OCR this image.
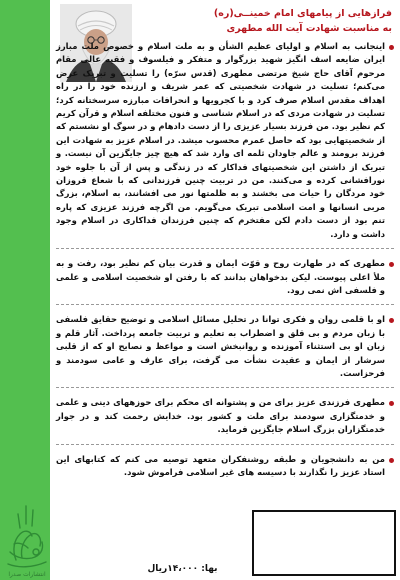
انتشارات صدرا
فرازهایی از پیامهای امام خمینــی(ره)
به مناسبت شهادت آیت الله مطهری
اینجانب به اسلام و اولیای عظیم الشأن و به ملت اسلام و خصوص ملت مبارز ایران ضایعه اسف انگیز شهید بزرگوار و متفکر و فیلسوف و فقیه عالی مقام مرحوم آقای حاج شیخ مرتضی مطهری (قدس سرّه) را تسلیت و تبریک عرض می‌کنم؛ تسلیت در شهادت شخصیتی که عمر شریف و ارزنده خود را در راه اهداف مقدس اسلام صرف کرد و با کجرویها و انحرافات مبارزه سرسختانه کرد؛ تسلیت در شهادت مردی که در اسلام شناسی و فنون مختلفه اسلام و قرآن کریم کم نظیر بود. من فرزند بسیار عزیزی را از دست دادهام و در سوگ او نشستم که از شخصیتهایی بود که حاصل عمرم محسوب میشد. در اسلام عزیز به شهادت این فرزند برومند و عالم جاودان ثلمه ای وارد شد که هیچ چیز جایگزین آن نیست. و تبریک از داشتن این شخصیتهای فداکار که در زندگی و پس از آن با جلوه خود نورافشانی کرده و می‌کنند. من در تربیت چنین فرزندانی که با شعاع فروزان خود مردگان را حیات می بخشند و به ظلمتها نور می افشانند، به اسلام، بزرگ مربی انسانها و امت اسلامی تبریک می‌گویم. من اگرچه فرزند عزیزی که پاره تنم بود از دست دادم لکن مفتخرم که چنین فرزندان فداکاری در اسلام وجود داشت و دارد.
مطهری که در طهارت روح و قوّت ایمان و قدرت بیان کم نظیر بود، رفت و به ملأ اعلی پیوست. لیکن بدخواهان بدانند که با رفتن او شخصیت اسلامی و علمی و فلسفی اش نمی رود.
او با قلمی روان و فکری توانا در تحلیل مسائل اسلامی و توضیح حقایق فلسفی با زبان مردم و بی قلق و اضطراب به تعلیم و تربیت جامعه پرداخت. آثار قلم و زبان او بی استثناء آموزنده و روانبخش است و مواعظ و نصایح او که از قلبی سرشار از ایمان و عقیدت نشأت می گرفت، برای عارف و عامی سودمند و فرحزاست.
مطهری فرزندی عزیز برای من و پشتوانه ای محکم برای حوزههای دینی و علمی و خدمتگزاری سودمند برای ملت و کشور بود. خدایش رحمت کند و در جوار خدمتگزاران بزرگ اسلام جایگزین فرماید.
من به دانشجویان و طبقه روشنفکران متعهد توصیه می کنم که کتابهای این استاد عزیز را نگذارند با دسیسه های غیر اسلامی فراموش شود.
بها: ۱۴،۰۰۰ریال
